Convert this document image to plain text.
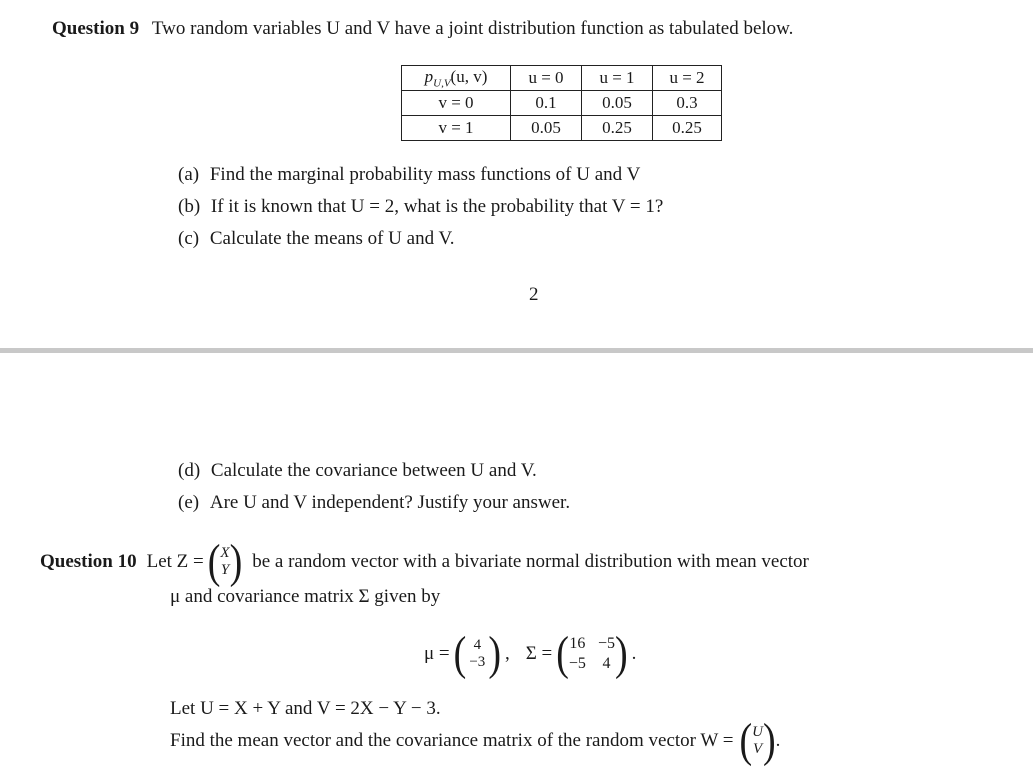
Question 9 Two random variables U and V have a joint distribution function as tabulated below.
$p_{U,V}(u$, v)	u = 0	u = 1	u = 2
v = 0	0.1	0.05	0.3
v = 1	0.05	0.25	0.25
(a) Find the marginal probability mass functions of U and V
(b) If it is known that U = 2, what is the probability that V = 1?
(c) Calculate the means of U and V.
2
(d) Calculate the covariance between U and V.
(e) Are U and V independent? Justify your answer.
Question 10 Let Z = ( X
Y ) be a random vector with a bivariate normal distribution with mean vector
μ and covariance matrix Σ given by
μ = ( 4
−3 ) , Σ = ( 16 −5
−5 4 ) .
Let U = X + Y and V = 2X − Y − 3.
Find the mean vector and the covariance matrix of the random vector W = ( U
V ) .
